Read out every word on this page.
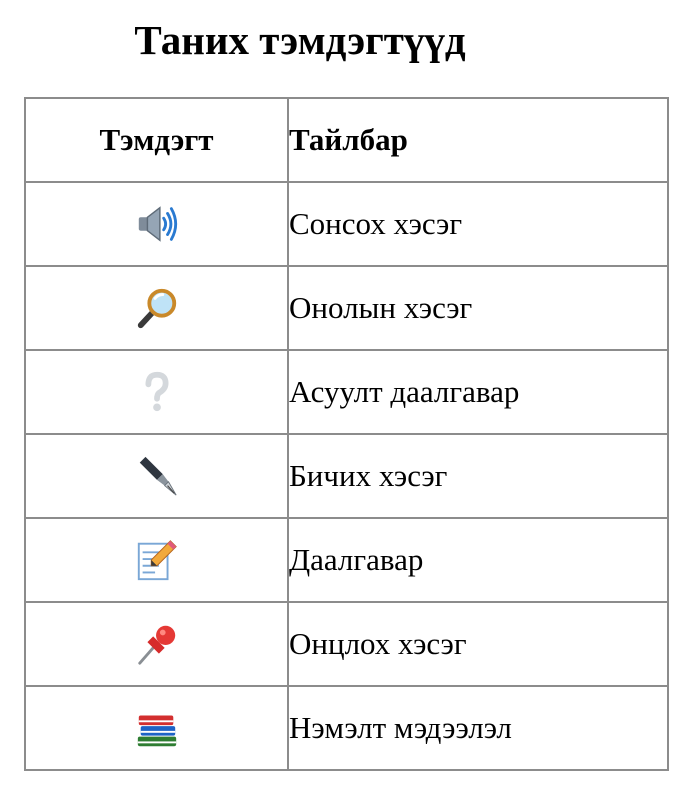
Таних тэмдэгтүүд
Тэмдэгт	Тайлбар

	Сонсох хэсэг

	Онолын хэсэг

	Асуулт даалгавар

	Бичих хэсэг

	Даалгавар

	Онцлох хэсэг

	Нэмэлт мэдээлэл
